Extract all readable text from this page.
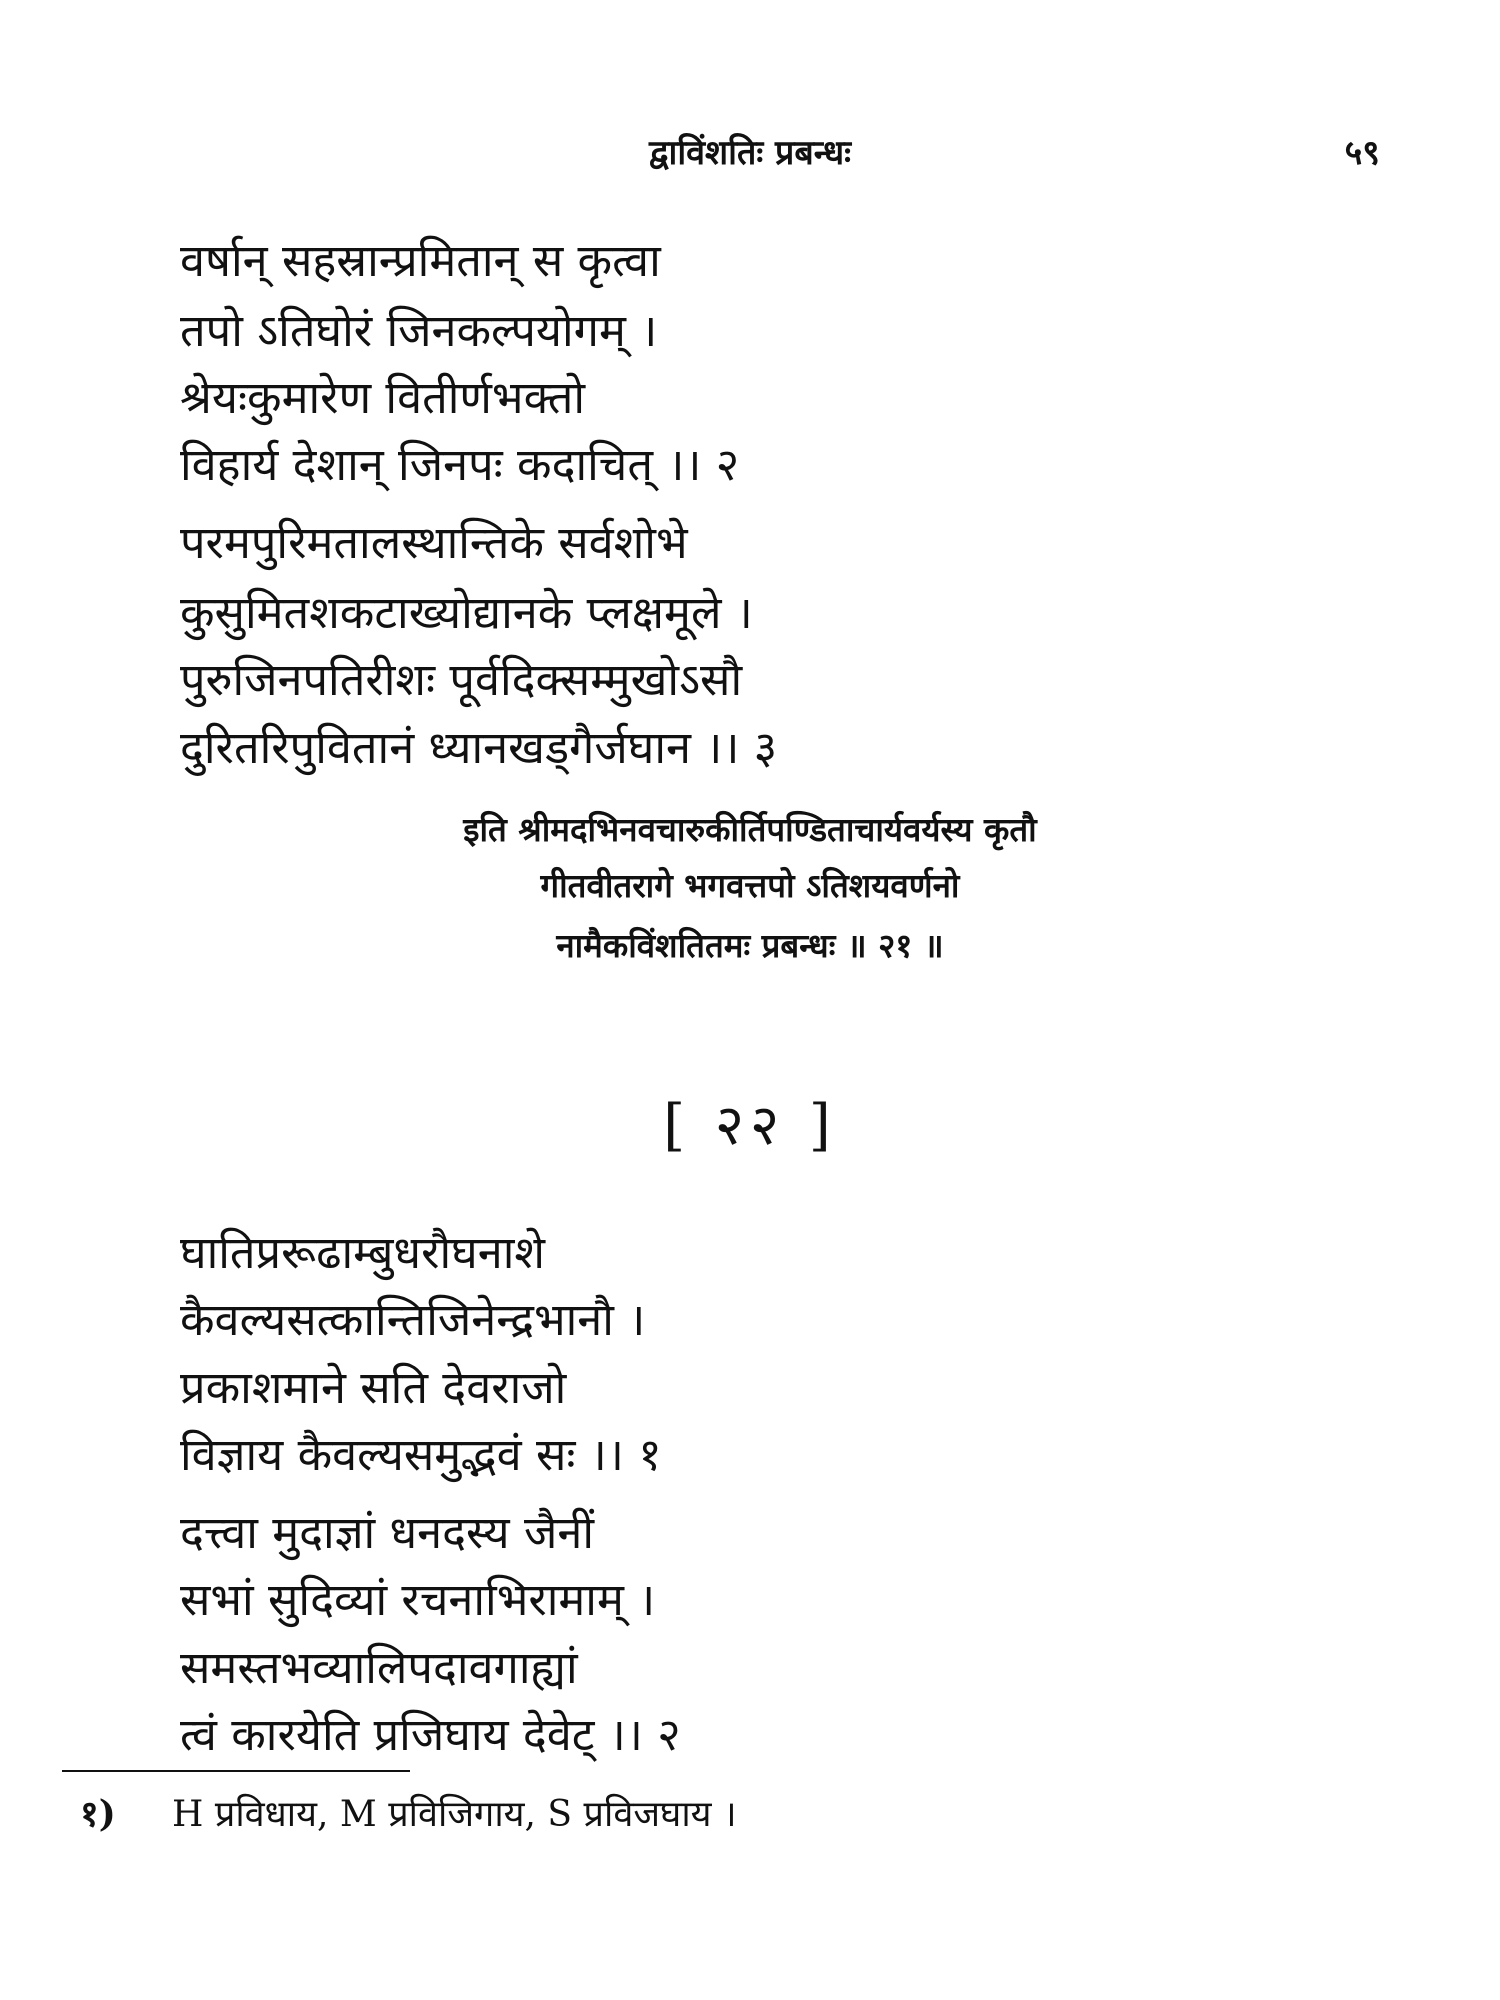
द्वाविंशतिः प्रबन्धः	५९
वर्षान् सहस्रान्प्रमितान् स कृत्वा
तपो ऽतिघोरं जिनकल्पयोगम् ।
श्रेयःकुमारेण वितीर्णभक्तो
विहार्य देशान् जिनपः कदाचित् ।। २
परमपुरिमतालस्थान्तिके सर्वशोभे
कुसुमितशकटाख्योद्यानके प्लक्षमूले ।
पुरुजिनपतिरीशः पूर्वदिक्सम्मुखोऽसौ
दुरितरिपुवितानं ध्यानखड्गैर्जघान ।। ३
इति श्रीमदभिनवचारुकीर्तिपण्डिताचार्यवर्यस्य कृतौ
गीतवीतरागे भगवत्तपो ऽतिशयवर्णनो
नामैकविंशतितमः प्रबन्धः ॥ २१ ॥
[ २२ ]
घातिप्ररूढाम्बुधरौघनाशे
कैवल्यसत्कान्तिजिनेन्द्रभानौ ।
प्रकाशमाने सति देवराजो
विज्ञाय कैवल्यसमुद्भवं सः ।। १
दत्त्वा मुदाज्ञां धनदस्य जैनीं
सभां सुदिव्यां रचनाभिरामाम् ।
समस्तभव्यालिपदावगाह्यां
त्वं कारयेति प्रजिघाय देवेट् ।। २
१) H प्रविधाय, M प्रविजिगाय, S प्रविजघाय ।
